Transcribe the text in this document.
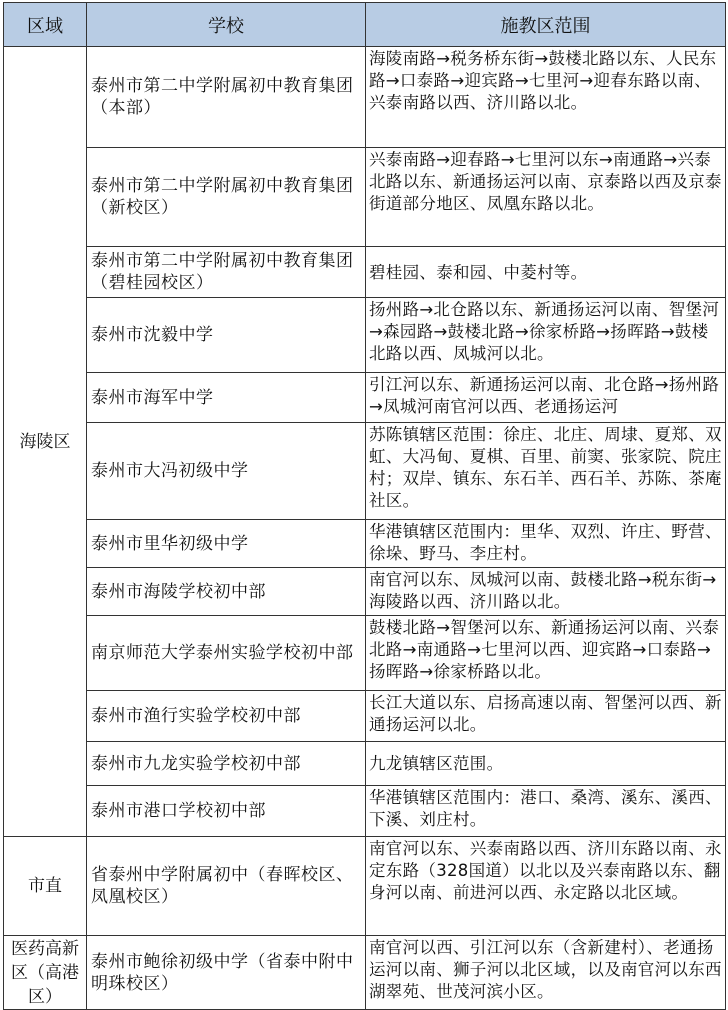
区域	学校	施教区范围
海陵区	泰州市第二中学附属初中教育集团（本部）	海陵南路→税务桥东街→鼓楼北路以东、人民东路→口泰路→迎宾路→七里河→迎春东路以南、兴泰南路以西、济川路以北。
	泰州市第二中学附属初中教育集团（新校区）	兴泰南路→迎春路→七里河以东→南通路→兴泰北路以东、新通扬运河以南、京泰路以西及京泰街道部分地区、凤凰东路以北。
	泰州市第二中学附属初中教育集团（碧桂园校区）	碧桂园、泰和园、中菱村等。
	泰州市沈毅中学	扬州路→北仓路以东、新通扬运河以南、智堡河→森园路→鼓楼北路→徐家桥路→扬晖路→鼓楼北路以西、凤城河以北。
	泰州市海军中学	引江河以东、新通扬运河以南、北仓路→扬州路→凤城河南官河以西、老通扬运河
	泰州市大冯初级中学	苏陈镇辖区范围：徐庄、北庄、周埭、夏郑、双虹、大冯甸、夏棋、百里、前窦、张家院、院庄村；双岸、镇东、东石羊、西石羊、苏陈、茶庵社区。
	泰州市里华初级中学	华港镇辖区范围内：里华、双烈、许庄、野营、徐垛、野马、李庄村。
	泰州市海陵学校初中部	南官河以东、凤城河以南、鼓楼北路→税东街→海陵路以西、济川路以北。
	南京师范大学泰州实验学校初中部	鼓楼北路→智堡河以东、新通扬运河以南、兴泰北路→南通路→七里河以西、迎宾路→口泰路→扬晖路→徐家桥路以北。
	泰州市渔行实验学校初中部	长江大道以东、启扬高速以南、智堡河以西、新通扬运河以北。
	泰州市九龙实验学校初中部	九龙镇辖区范围。
	泰州市港口学校初中部	华港镇辖区范围内：港口、桑湾、溪东、溪西、下溪、刘庄村。
市直	省泰州中学附属初中（春晖校区、凤凰校区）	南官河以东、兴泰南路以西、济川东路以南、永定东路（328国道）以北以及兴泰南路以东、翻身河以南、前进河以西、永定路以北区域。
医药高新区（高港区）	泰州市鲍徐初级中学（省泰中附中明珠校区）	南官河以西、引江河以东（含新建村）、老通扬运河以南、狮子河以北区域，以及南官河以东西湖翠苑、世茂河滨小区。
